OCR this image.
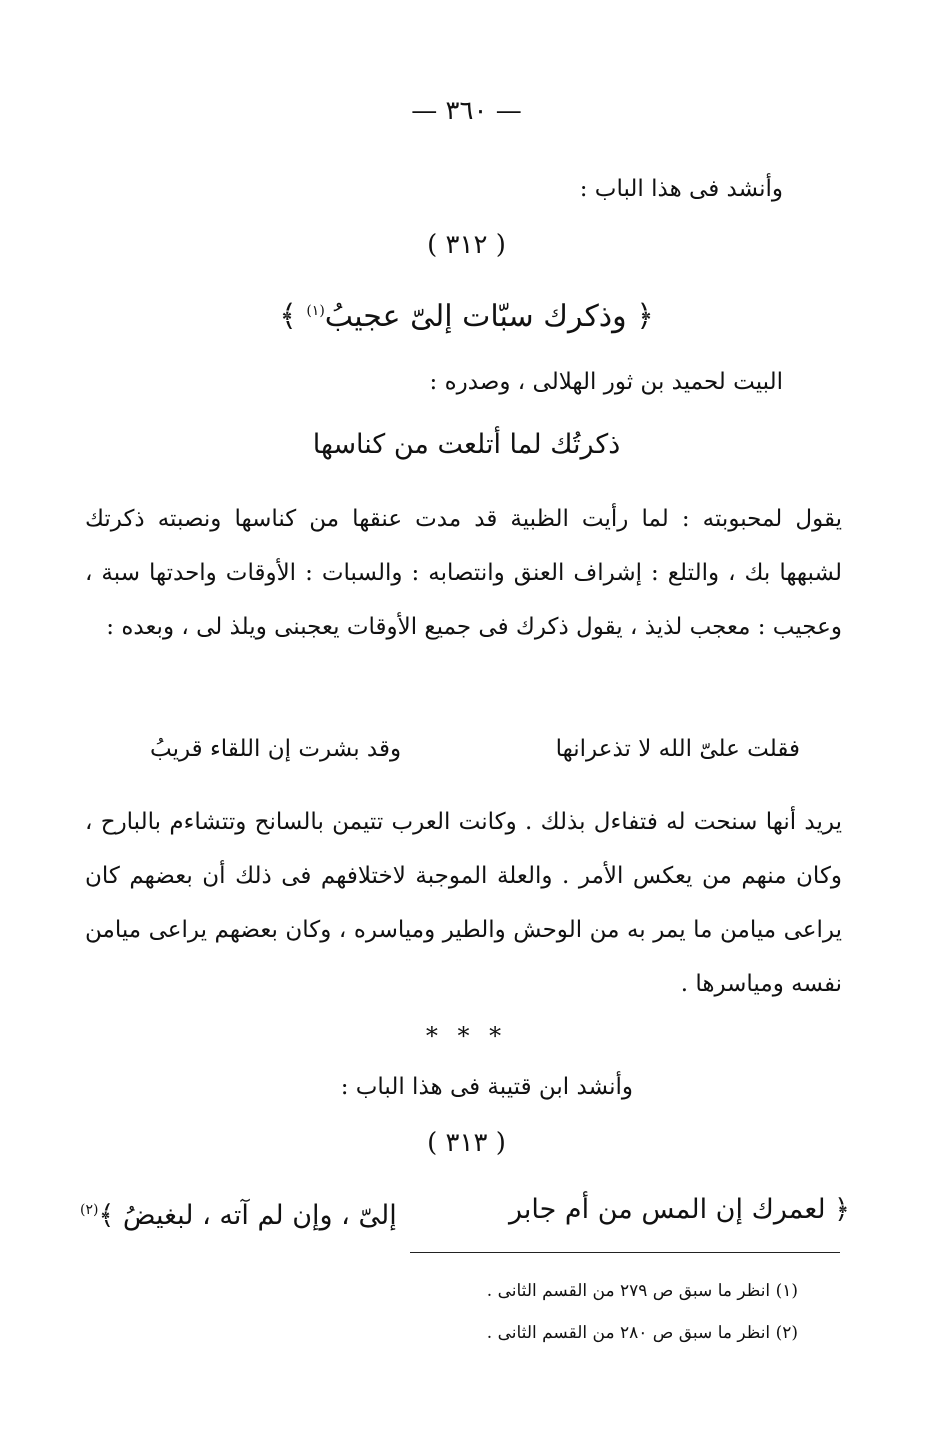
— ٣٦٠ —
وأنشد فى هذا الباب :
( ٣١٢ )
﴿ وذكرك سبّات إلىّ عجيبُ$^{(١)}$ ﴾
البيت لحميد بن ثور الهلالى ، وصدره :
ذكرتُك لما أتلعت من كناسها

يقول لمحبوبته : لما رأيت الظبية قد مدت عنقها من كناسها ونصبته ذكرتك لشبهها بك ، والتلع : إشراف العنق وانتصابه : والسبات : الأوقات واحدتها سبة ، وعجيب : معجب لذيذ ، يقول ذكرك فى جميع الأوقات يعجبنى ويلذ لى ، وبعده :

فقلت علىّ الله لا تذعرانها
وقد بشرت إن اللقاء قريبُ

يريد أنها سنحت له فتفاءل بذلك . وكانت العرب تتيمن بالسانح وتتشاءم بالبارح ، وكان منهم من يعكس الأمر . والعلة الموجبة لاختلافهم فى ذلك أن بعضهم كان يراعى ميامن ما يمر به من الوحش والطير ومياسره ، وكان بعضهم يراعى ميامن نفسه ومياسرها .

* * *
وأنشد ابن قتيبة فى هذا الباب :
( ٣١٣ )
﴿ لعمرك إن المس من أم جابر
إلىّ ، وإن لم آته ، لبغيضُ ﴾$^{(٢)}$
(١) انظر ما سبق ص ٢٧٩ من القسم الثانى .
(٢) انظر ما سبق ص ٢٨٠ من القسم الثانى .
